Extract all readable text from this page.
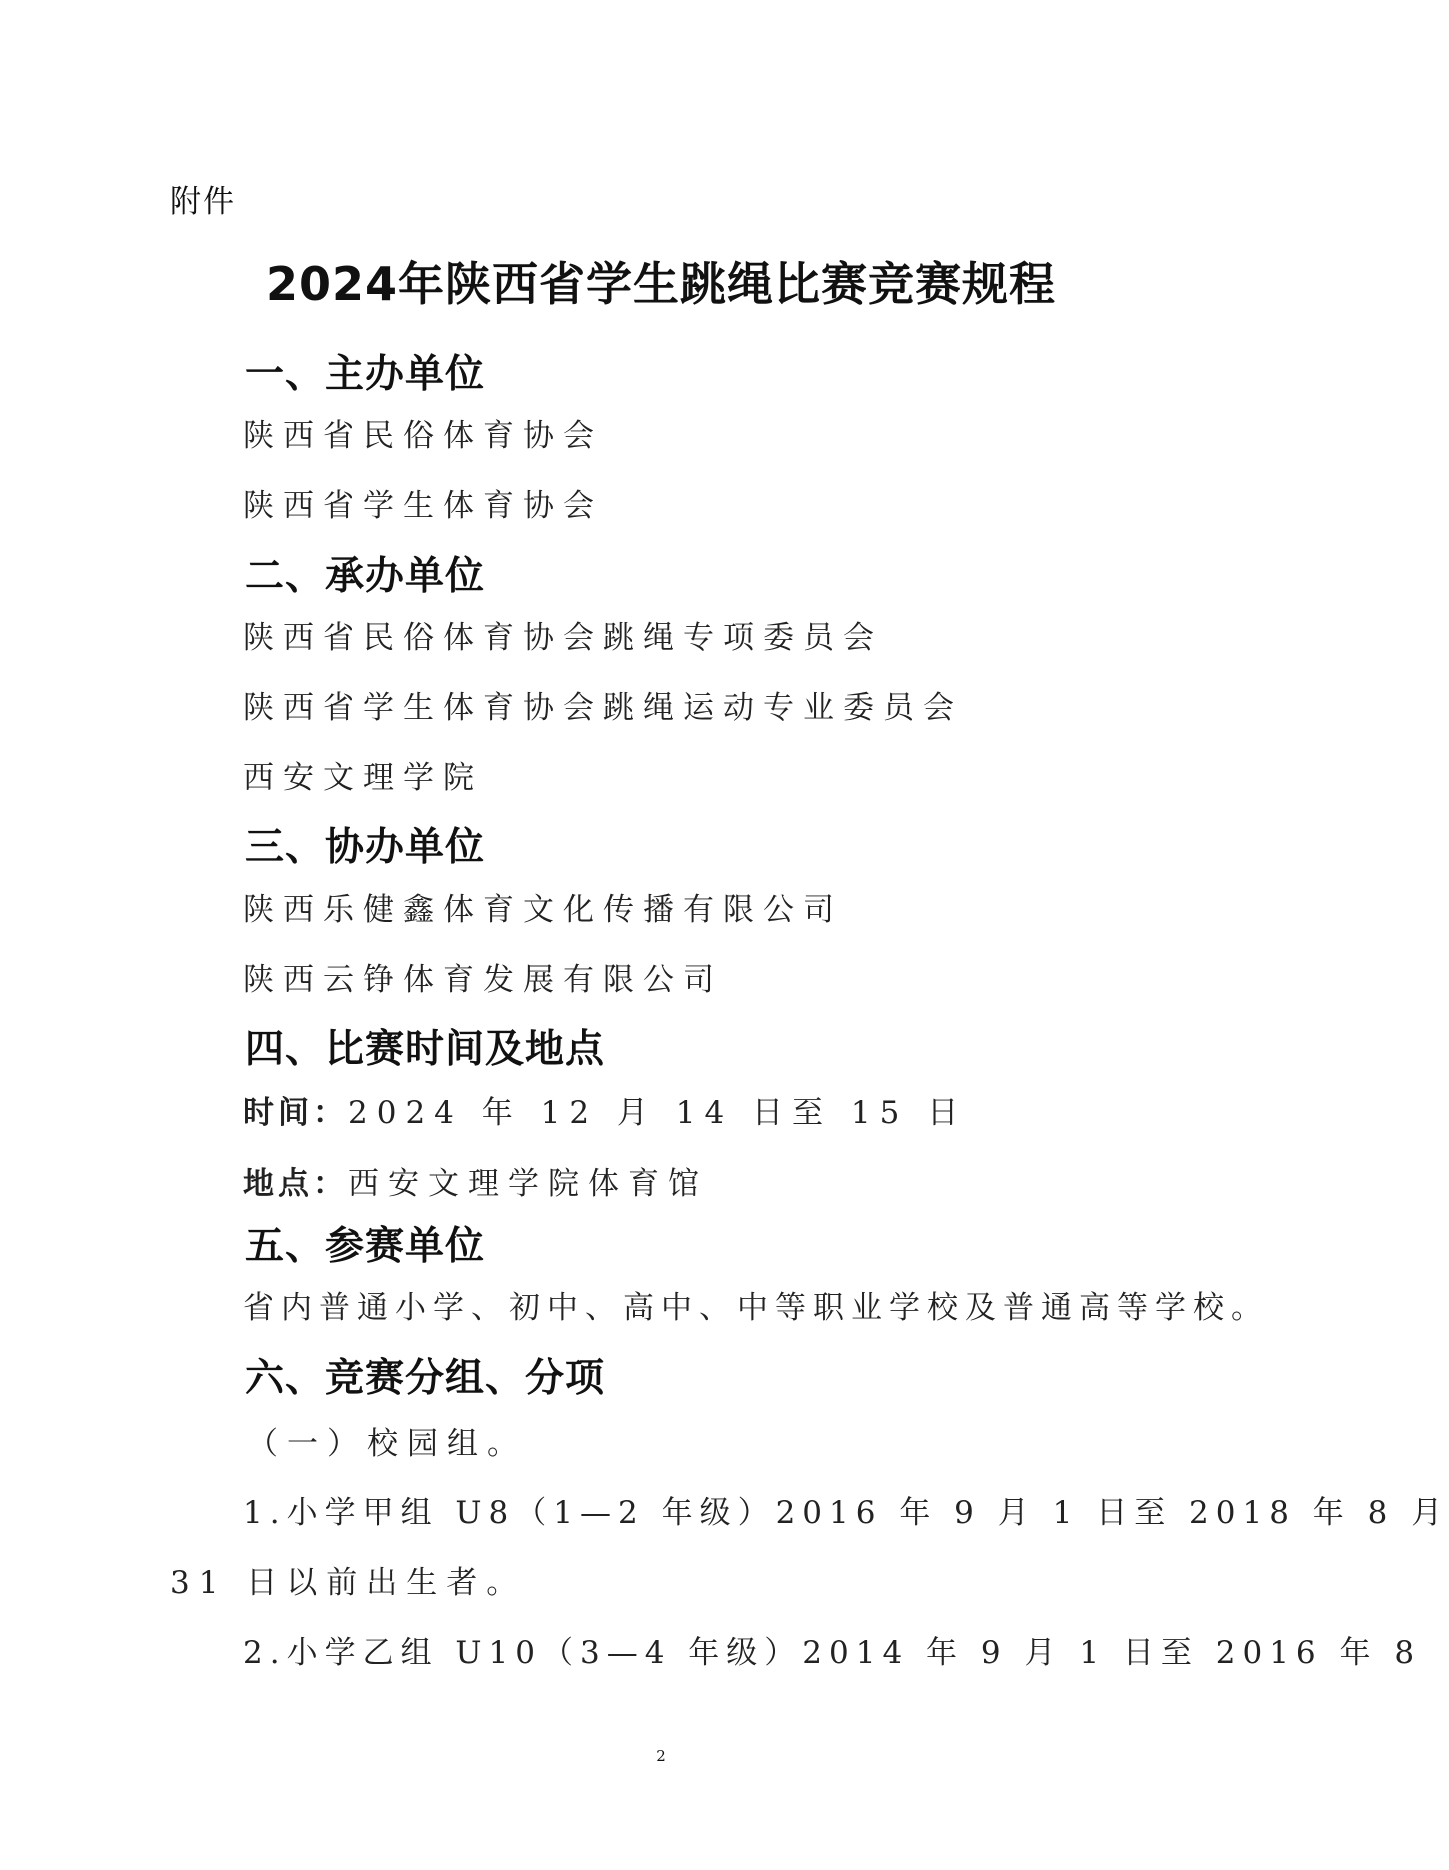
附件
2024年陕西省学生跳绳比赛竞赛规程
一、主办单位
陕西省民俗体育协会
陕西省学生体育协会
二、承办单位
陕西省民俗体育协会跳绳专项委员会
陕西省学生体育协会跳绳运动专业委员会
西安文理学院
三、协办单位
陕西乐健鑫体育文化传播有限公司
陕西云铮体育发展有限公司
四、比赛时间及地点
时间：2024 年 12 月 14 日至 15 日
地点：西安文理学院体育馆
五、参赛单位
省内普通小学、初中、高中、中等职业学校及普通高等学校。
六、竞赛分组、分项
（一）校园组。
1.小学甲组 U8（1—2 年级）2016 年 9 月 1 日至 2018 年 8 月
31 日以前出生者。
2.小学乙组 U10（3—4 年级）2014 年 9 月 1 日至 2016 年 8
2
